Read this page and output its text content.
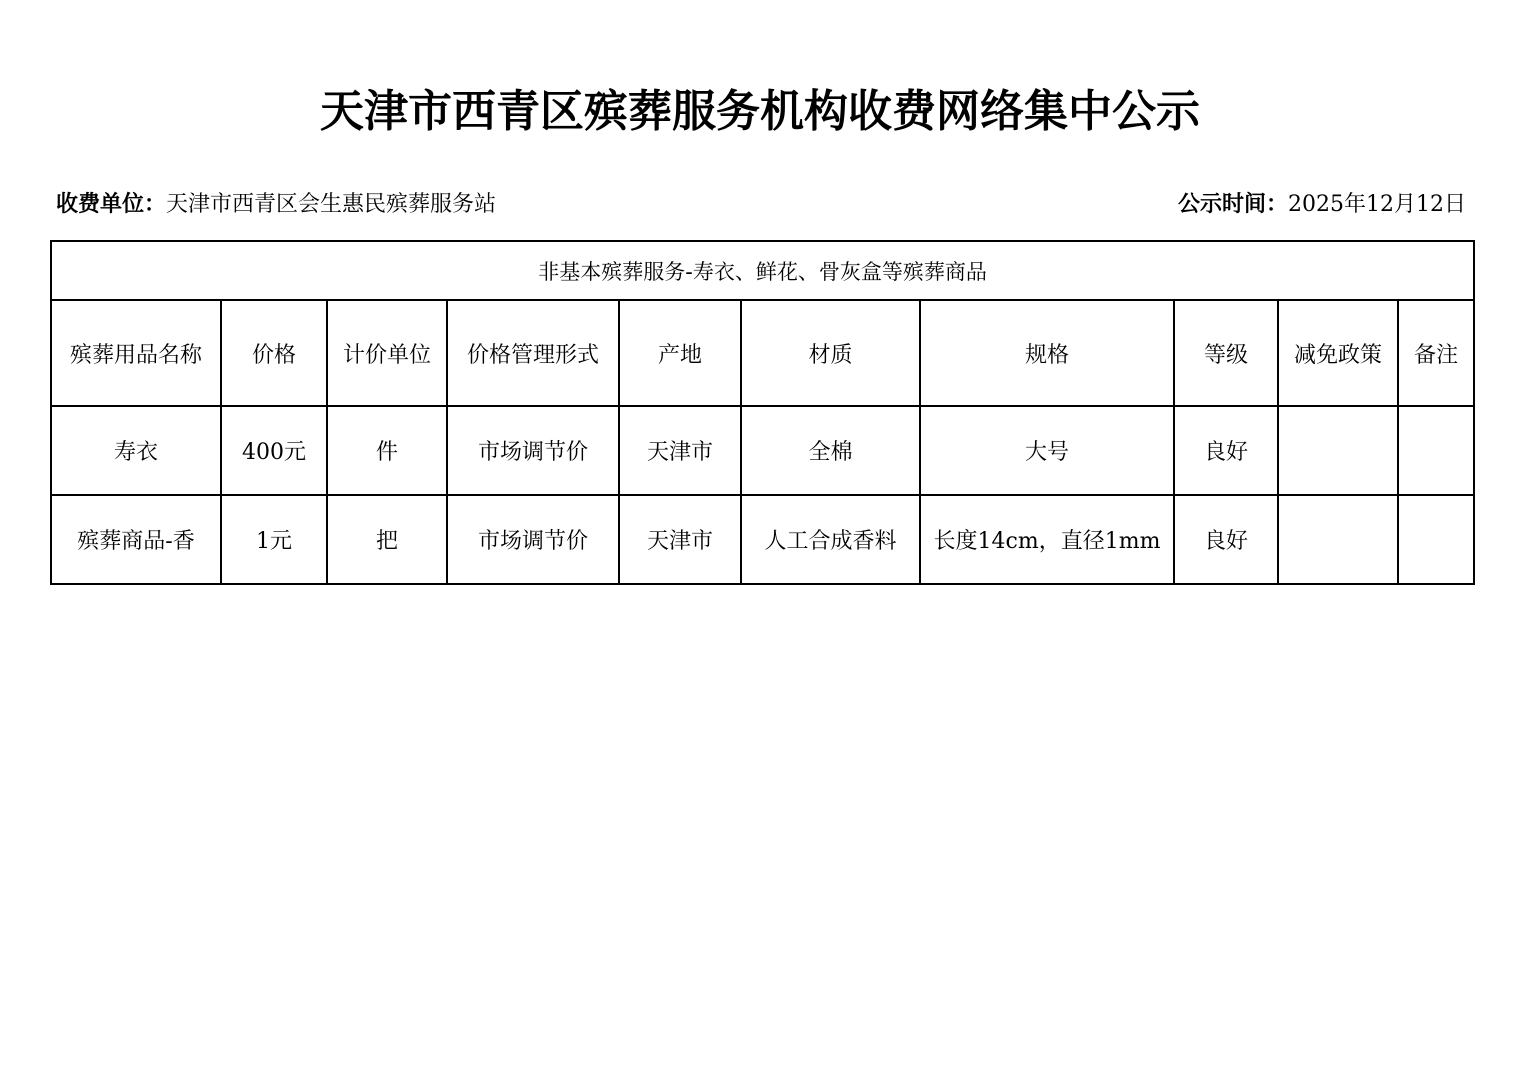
天津市西青区殡葬服务机构收费网络集中公示
收费单位：天津市西青区会生惠民殡葬服务站	公示时间：2025年12月12日
非基本殡葬服务-寿衣、鲜花、骨灰盒等殡葬商品									
殡葬用品名称	价格	计价单位	价格管理形式	产地	材质	规格	等级	减免政策	备注
寿衣	400元	件	市场调节价	天津市	全棉	大号	良好		
殡葬商品-香	1元	把	市场调节价	天津市	人工合成香料	长度14cm，直径1mm	良好		
